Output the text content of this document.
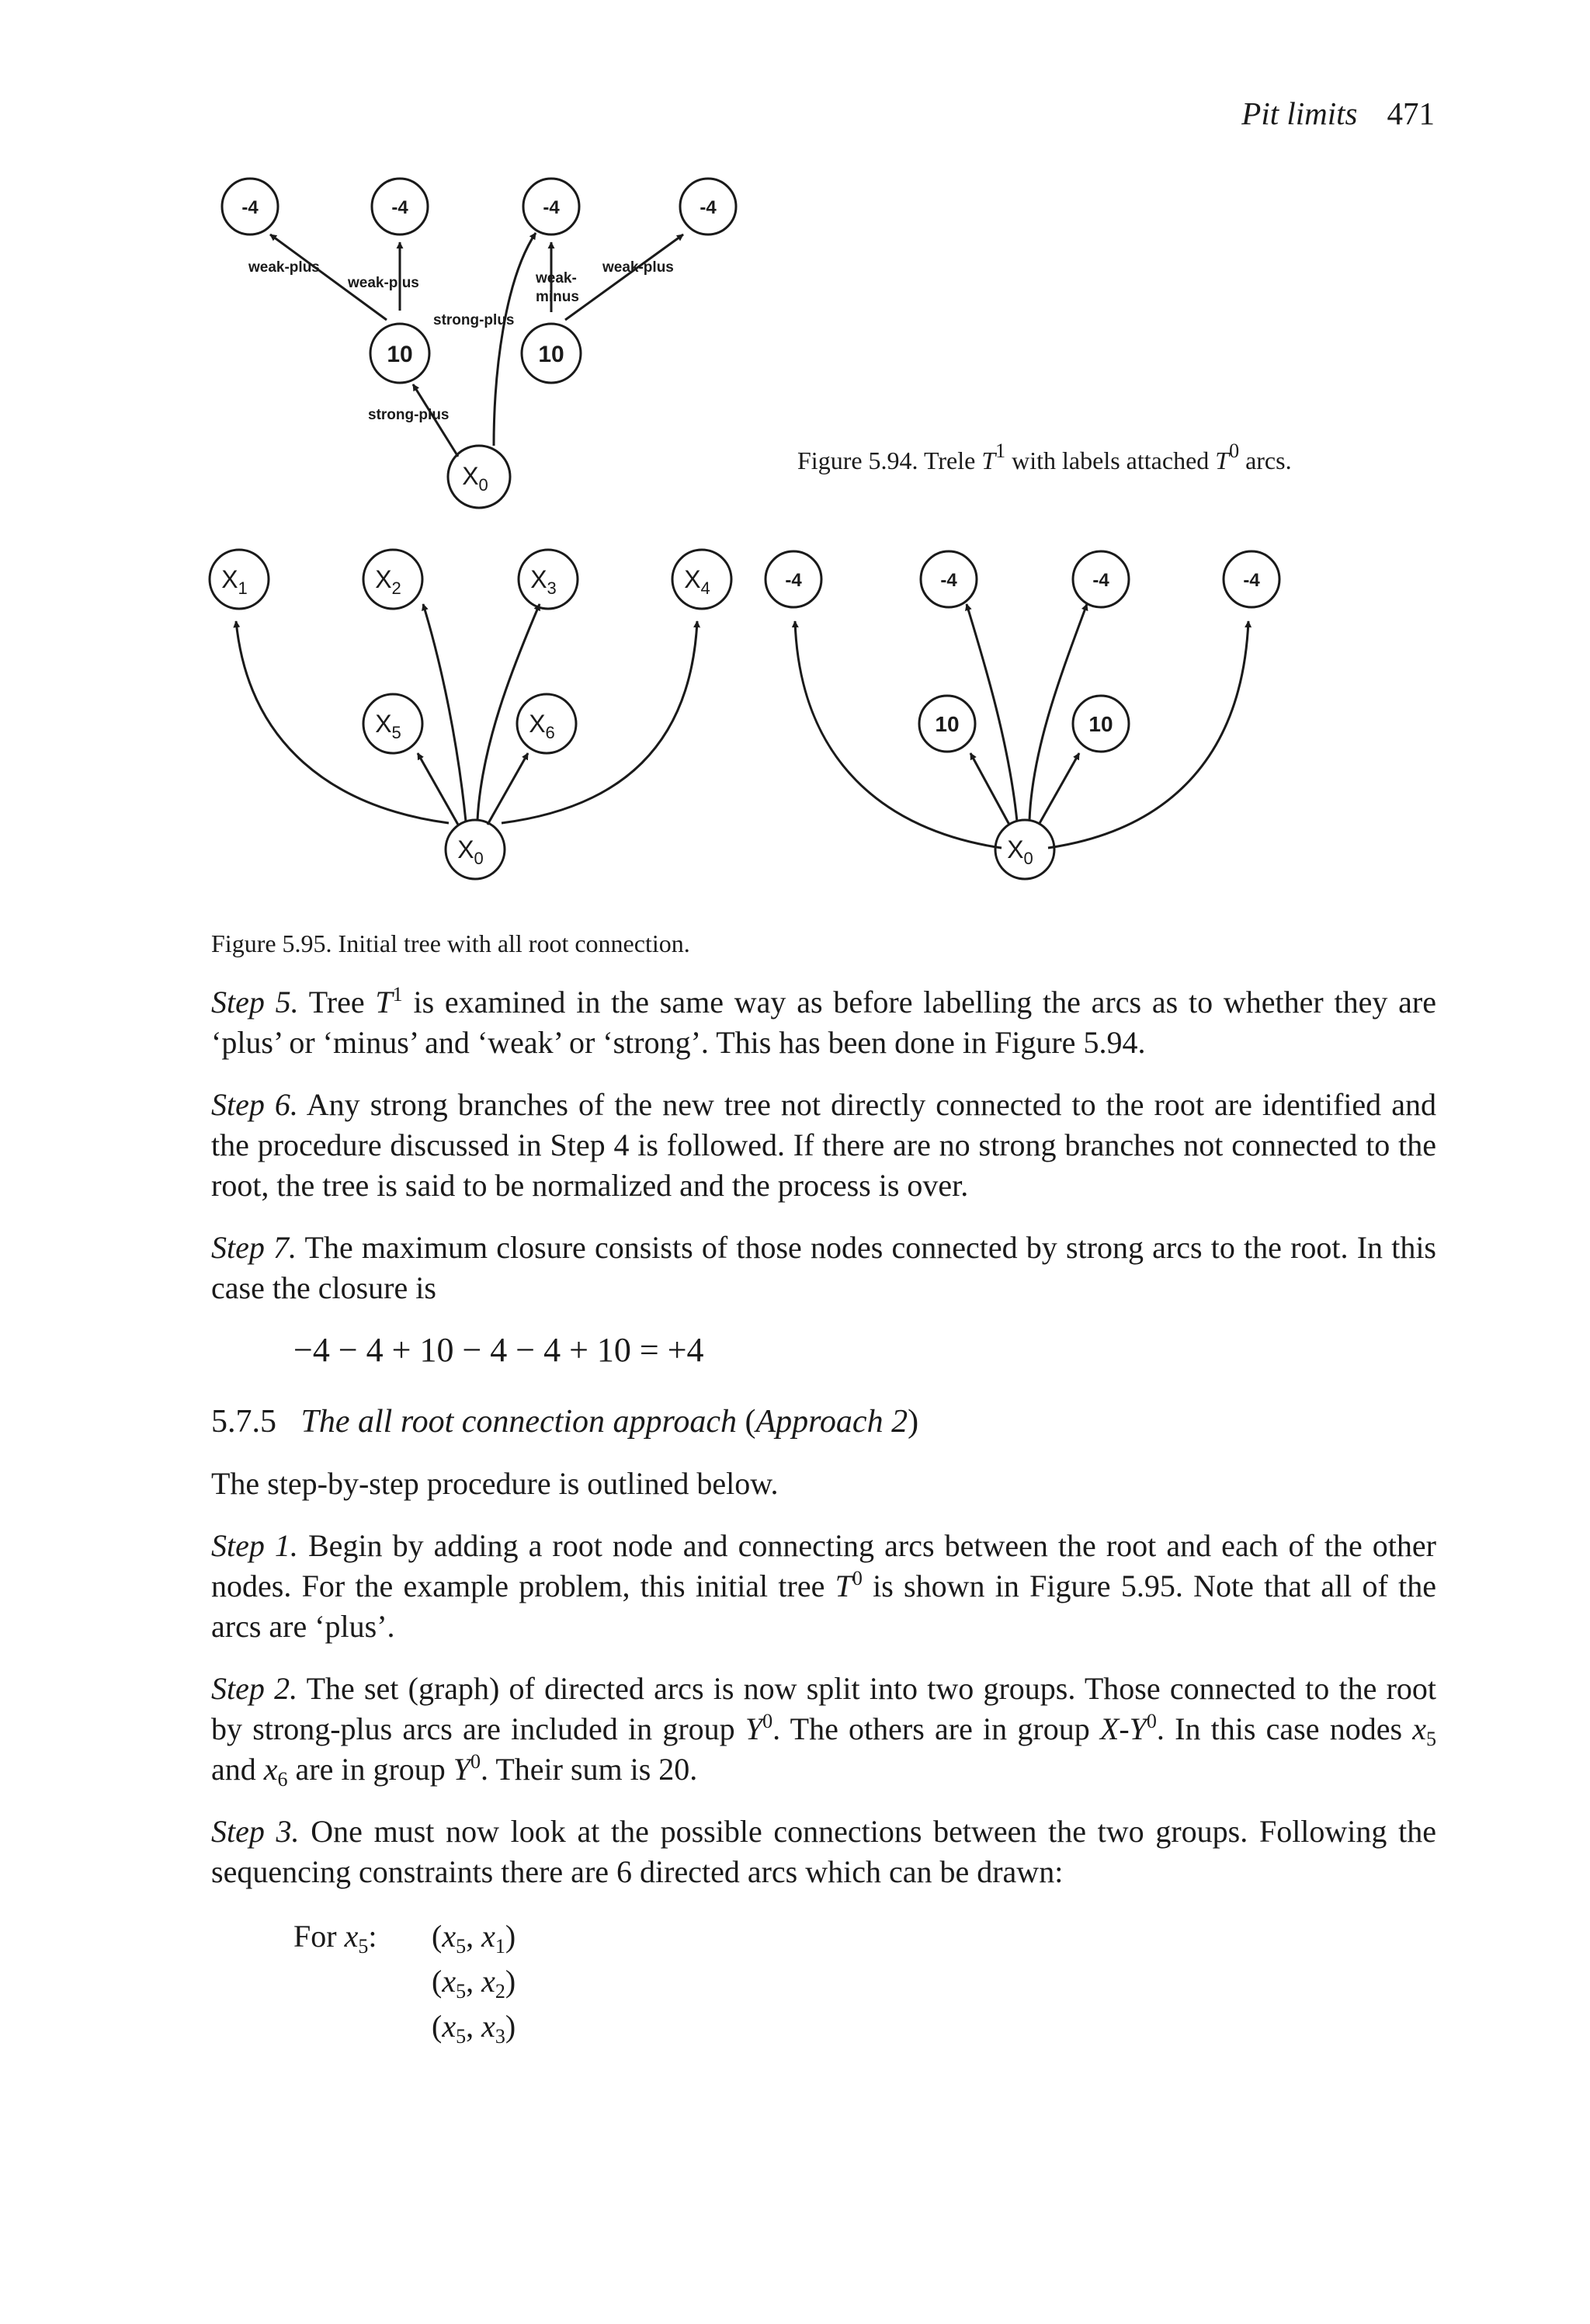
Pit limits 471
-4	-4	-4	-4
10	10
$X_0$
weak-plus
weak-plus
strong-plus
weak-
minus
weak-plus
strong-plus
$X_1$	$X_2$	$X_3$	$X_4$
$X_5$	$X_6$
$X_0$
-4	-4	-4	-4
10	10
$X_0$
Figure 5.94. Trele $T^1$ with labels attached $T^0$ arcs.
Figure 5.95. Initial tree with all root connection.

Step 5. Tree $T^1$ is examined in the same way as before labelling the arcs as to whether they are ‘plus’ or ‘minus’ and ‘weak’ or ‘strong’. This has been done in Figure 5.94.

Step 6. Any strong branches of the new tree not directly connected to the root are identified and the procedure discussed in Step 4 is followed. If there are no strong branches not connected to the root, the tree is said to be normalized and the process is over.

Step 7. The maximum closure consists of those nodes connected by strong arcs to the root. In this case the closure is

−4 − 4 + 10 − 4 − 4 + 10 = +4

5.7.5 The all root connection approach (Approach 2)

The step-by-step procedure is outlined below.

Step 1. Begin by adding a root node and connecting arcs between the root and each of the other nodes. For the example problem, this initial tree $T^0$ is shown in Figure 5.95. Note that all of the arcs are ‘plus’.

Step 2. The set (graph) of directed arcs is now split into two groups. Those connected to the root by strong-plus arcs are included in group $Y^0$. The others are in group $X-Y^0$. In this case nodes $x_5$ and $x_6$ are in group $Y^0$. Their sum is 20.

Step 3. One must now look at the possible connections between the two groups. Following the sequencing constraints there are 6 directed arcs which can be drawn:

For $x_5$:	($x_5$, $x_1$)
($x_5$, $x_2$)
($x_5$, $x_3$)
